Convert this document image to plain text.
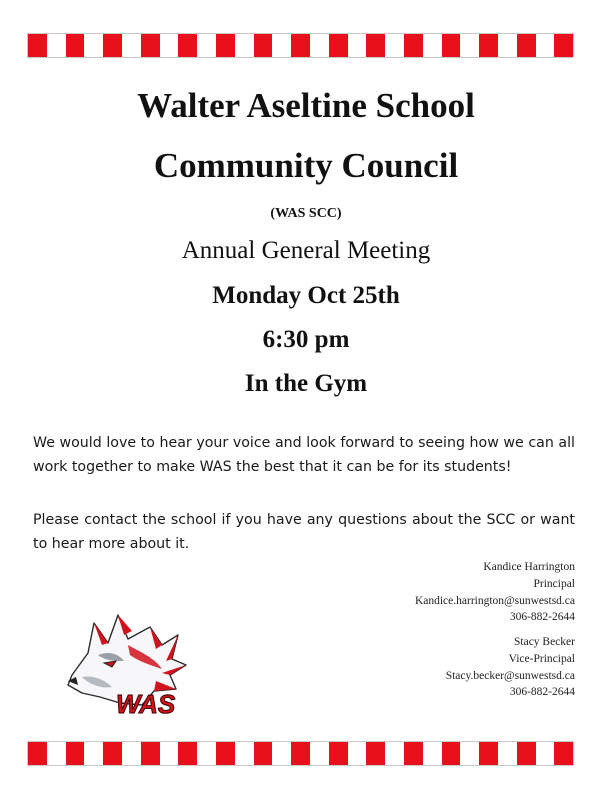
Walter Aseltine School
Community Council
(WAS SCC)
Annual General Meeting
Monday Oct 25th
6:30 pm
In the Gym
We would love to hear your voice and look forward to seeing how we can all work together to make WAS the best that it can be for its students!
Please contact the school if you have any questions about the SCC or want to hear more about it.
Kandice Harrington
Principal
Kandice.harrington@sunwestsd.ca
306-882-2644
Stacy Becker
Vice-Principal
Stacy.becker@sunwestsd.ca
306-882-2644
WAS
